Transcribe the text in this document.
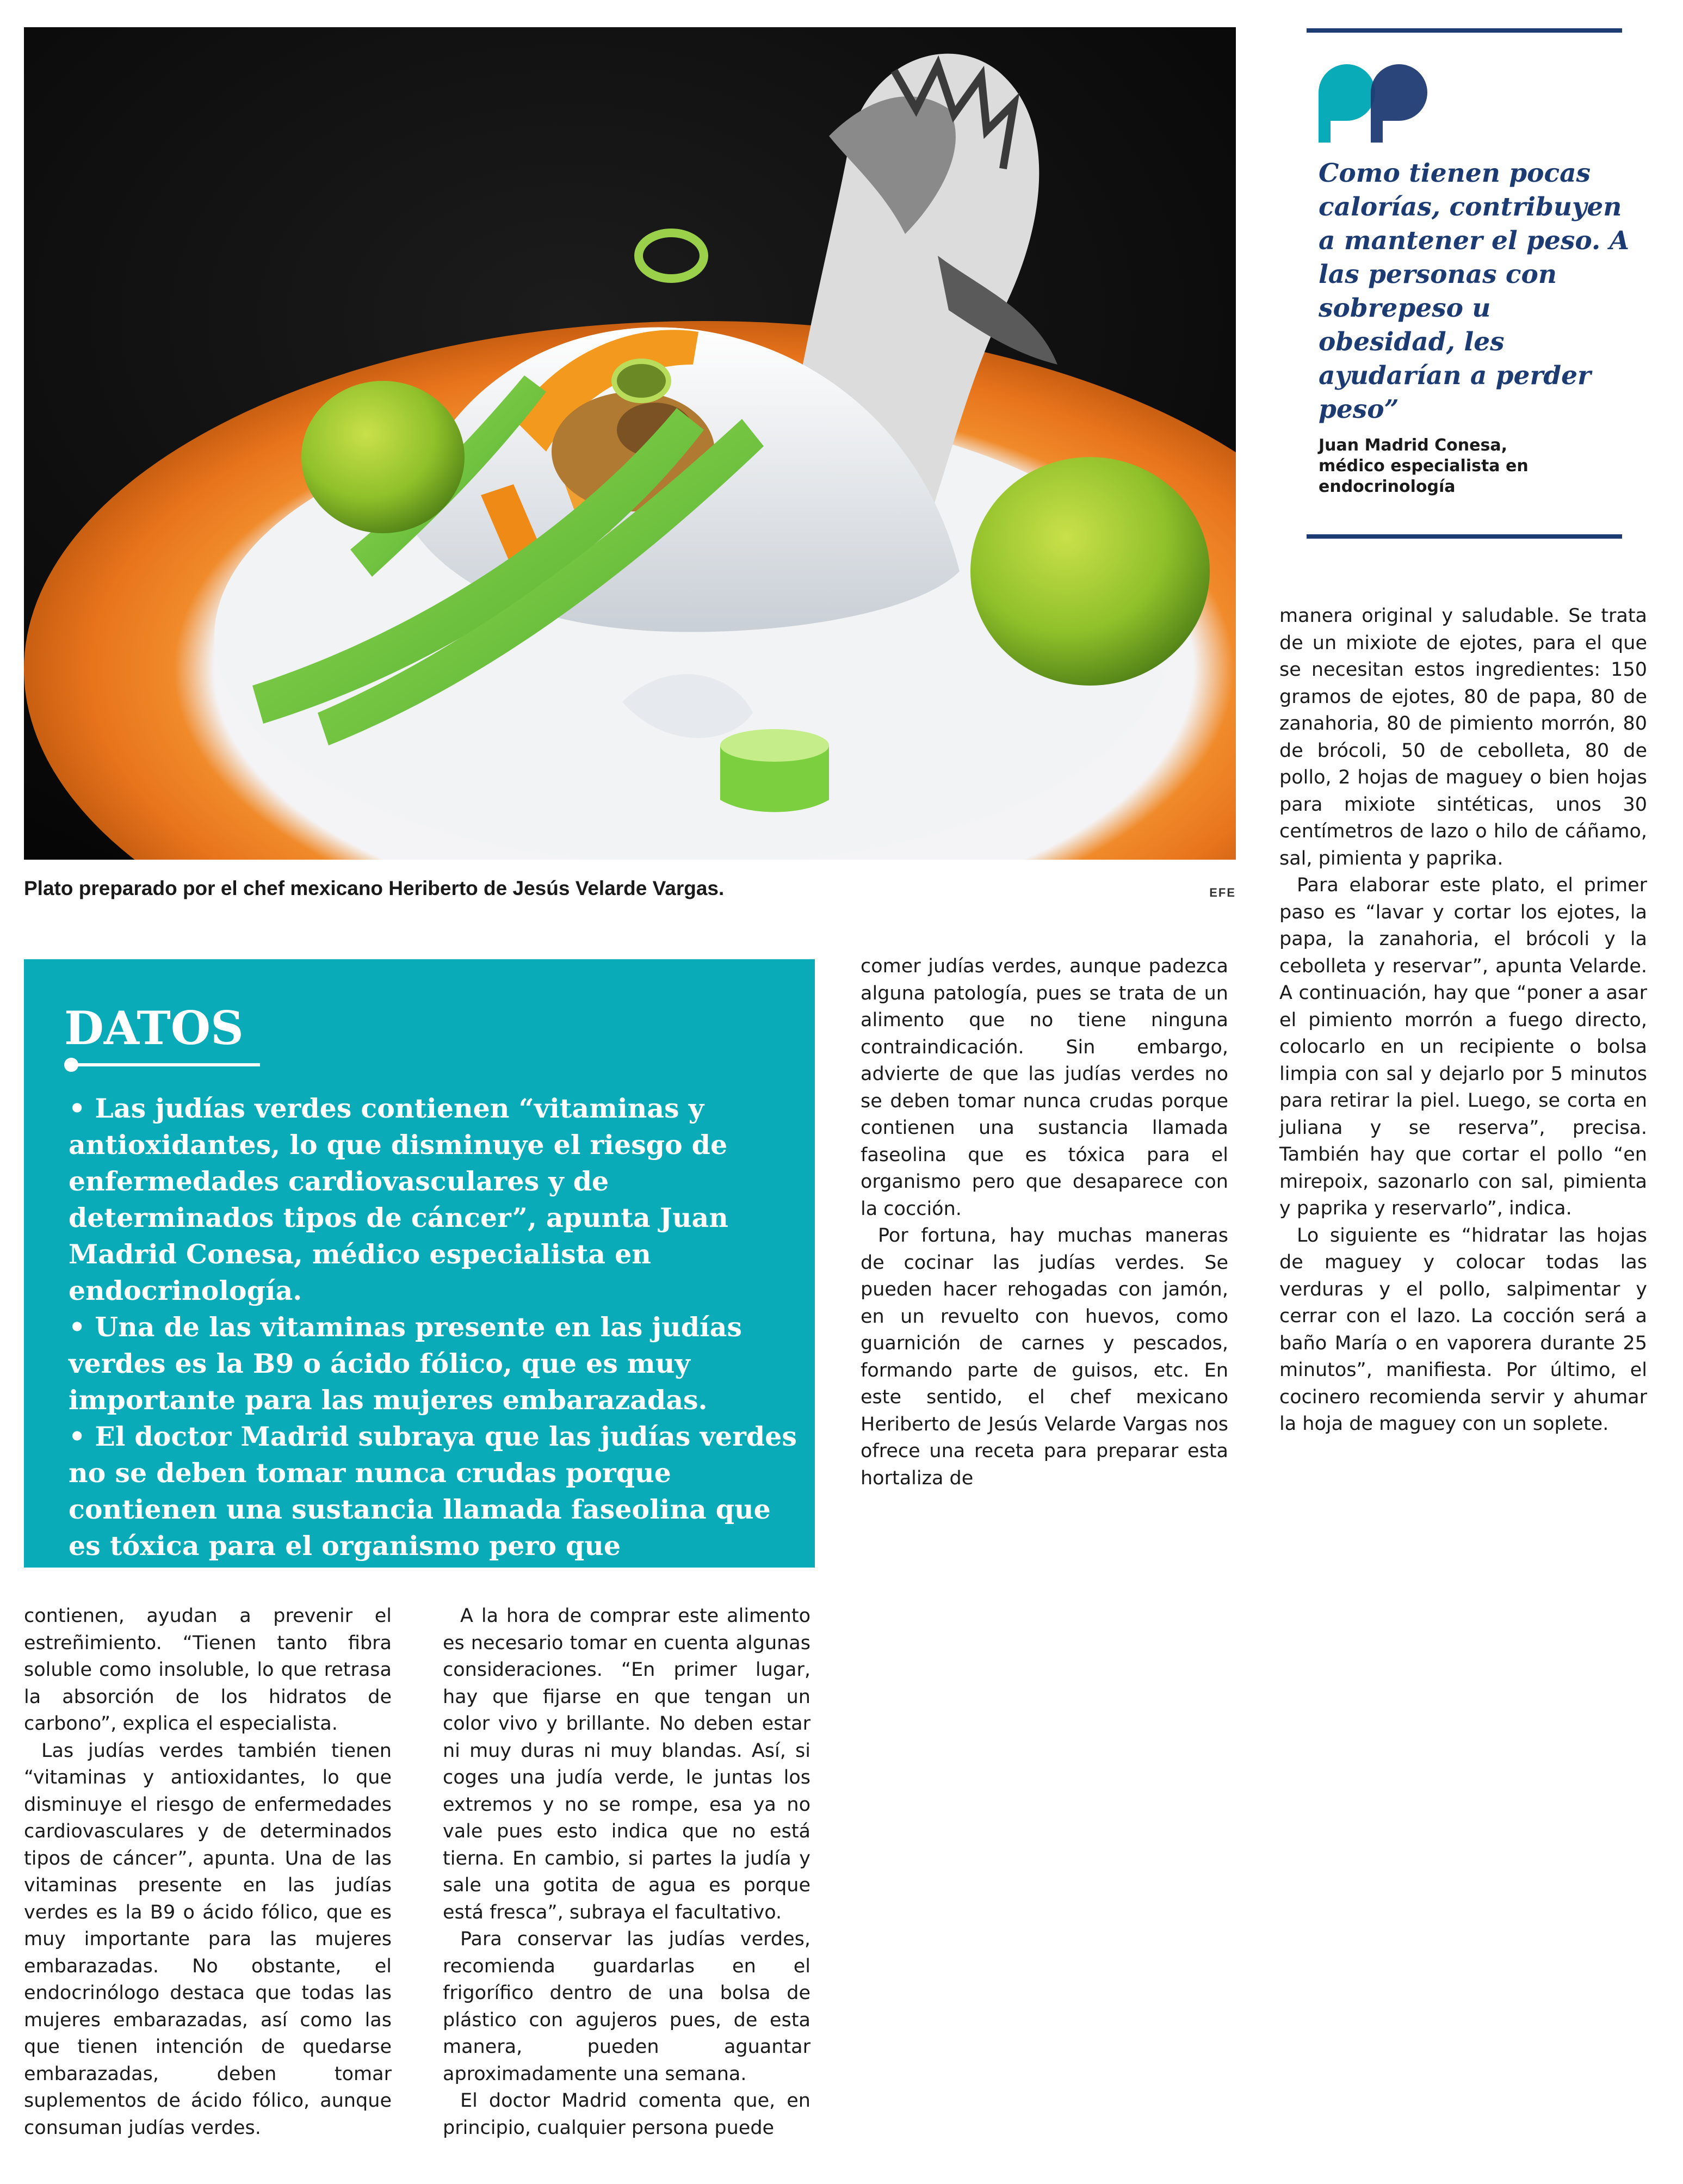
Plato preparado por el chef mexicano Heriberto de Jesús Velarde Vargas.	EFE
Como tienen pocas calorías, contribuyen a mantener el peso. A las personas con sobrepeso u obesidad, les ayudarían a perder peso”
Juan Madrid Conesa,
médico especialista en endocrinología
DATOS
• Las judías verdes contienen “vitaminas y antioxidantes, lo que disminuye el riesgo de enfermedades cardiovasculares y de determinados tipos de cáncer”, apunta Juan Madrid Conesa, médico especialista en endocrinología.
• Una de las vitaminas presente en las judías verdes es la B9 o ácido fólico, que es muy importante para las mujeres embarazadas.
• El doctor Madrid subraya que las judías verdes no se deben tomar nunca crudas porque contienen una sustancia llamada faseolina que es tóxica para el organismo pero que desaparece con la cocción.

contienen, ayudan a prevenir el estreñimiento. “Tienen tanto fibra soluble como insoluble, lo que retrasa la absorción de los hidratos de carbono”, explica el especialista.

Las judías verdes también tienen “vitaminas y antioxidantes, lo que disminuye el riesgo de enfermedades cardiovasculares y de determinados tipos de cáncer”, apunta. Una de las vitaminas presente en las judías verdes es la B9 o ácido fólico, que es muy importante para las mujeres embarazadas. No obstante, el endocrinólogo destaca que todas las mujeres embarazadas, así como las que tienen intención de quedarse embarazadas, deben tomar suplementos de ácido fólico, aunque consuman judías verdes.

A la hora de comprar este alimento es necesario tomar en cuenta algunas consideraciones. “En primer lugar, hay que fijarse en que tengan un color vivo y brillante. No deben estar ni muy duras ni muy blandas. Así, si coges una judía verde, le juntas los extremos y no se rompe, esa ya no vale pues esto indica que no está tierna. En cambio, si partes la judía y sale una gotita de agua es porque está fresca”, subraya el facultativo.

Para conservar las judías verdes, recomienda guardarlas en el frigorífico dentro de una bolsa de plástico con agujeros pues, de esta manera, pueden aguantar aproximadamente una semana.

El doctor Madrid comenta que, en principio, cualquier persona puede

comer judías verdes, aunque padezca alguna patología, pues se trata de un alimento que no tiene ninguna contraindicación. Sin embargo, advierte de que las judías verdes no se deben tomar nunca crudas porque contienen una sustancia llamada faseolina que es tóxica para el organismo pero que desaparece con la cocción.

Por fortuna, hay muchas maneras de cocinar las judías verdes. Se pueden hacer rehogadas con jamón, en un revuelto con huevos, como guarnición de carnes y pescados, formando parte de guisos, etc. En este sentido, el chef mexicano Heriberto de Jesús Velarde Vargas nos ofrece una receta para preparar esta hortaliza de

manera original y saludable. Se trata de un mixiote de ejotes, para el que se necesitan estos ingredientes: 150 gramos de ejotes, 80 de papa, 80 de zanahoria, 80 de pimiento morrón, 80 de brócoli, 50 de cebolleta, 80 de pollo, 2 hojas de maguey o bien hojas para mixiote sintéticas, unos 30 centímetros de lazo o hilo de cáñamo, sal, pimienta y paprika.

Para elaborar este plato, el primer paso es “lavar y cortar los ejotes, la papa, la zanahoria, el brócoli y la cebolleta y reservar”, apunta Velarde. A continuación, hay que “poner a asar el pimiento morrón a fuego directo, colocarlo en un recipiente o bolsa limpia con sal y dejarlo por 5 minutos para retirar la piel. Luego, se corta en juliana y se reserva”, precisa. También hay que cortar el pollo “en mirepoix, sazonarlo con sal, pimienta y paprika y reservarlo”, indica.

Lo siguiente es “hidratar las hojas de maguey y colocar todas las verduras y el pollo, salpimentar y cerrar con el lazo. La cocción será a baño María o en vaporera durante 25 minutos”, manifiesta. Por último, el cocinero recomienda servir y ahumar la hoja de maguey con un soplete.
